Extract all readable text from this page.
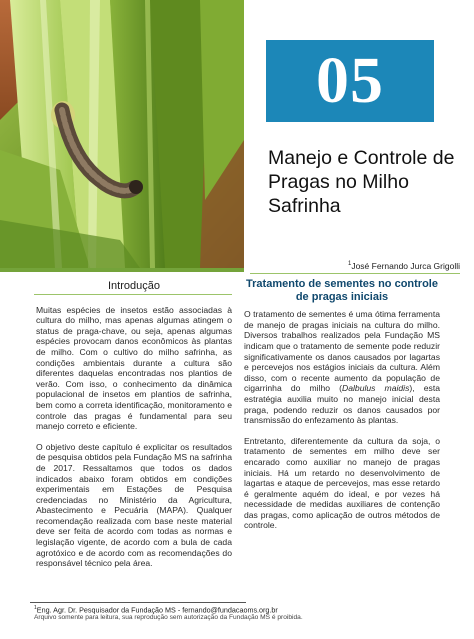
05
Manejo e Controle de Pragas no Milho Safrinha
$^1$José Fernando Jurca Grigolli
Introdução

Muitas espécies de insetos estão associadas à cultura do milho, mas apenas algumas atingem o status de praga-chave, ou seja, apenas algumas espécies provocam danos econômicos às plantas de milho. Com o cultivo do milho safrinha, as condições ambientais durante a cultura são diferentes daquelas encontradas nos plantios de verão. Com isso, o conhecimento da dinâmica populacional de insetos em plantios de safrinha, bem como a correta identificação, monitoramento e controle das pragas é fundamental para seu manejo correto e eficiente.

O objetivo deste capítulo é explicitar os resultados de pesquisa obtidos pela Fundação MS na safrinha de 2017. Ressaltamos que todos os dados indicados abaixo foram obtidos em condições experimentais em Estações de Pesquisa credenciadas no Ministério da Agricultura, Abastecimento e Pecuária (MAPA). Qualquer recomendação realizada com base neste material deve ser feita de acordo com todas as normas e legislação vigente, de acordo com a bula de cada agrotóxico e de acordo com as recomendações do responsável técnico pela área.

Tratamento de sementes no controle de pragas iniciais

O tratamento de sementes é uma ótima ferramenta de manejo de pragas iniciais na cultura do milho. Diversos trabalhos realizados pela Fundação MS indicam que o tratamento de semente pode reduzir significativamente os danos causados por lagartas e percevejos nos estágios iniciais da cultura. Além disso, com o recente aumento da população de cigarrinha do milho (Dalbulus maidis), esta estratégia auxilia muito no manejo inicial desta praga, podendo reduzir os danos causados por transmissão do enfezamento às plantas.

Entretanto, diferentemente da cultura da soja, o tratamento de sementes em milho deve ser encarado como auxiliar no manejo de pragas iniciais. Há um retardo no desenvolvimento de lagartas e ataque de percevejos, mas esse retardo é geralmente aquém do ideal, e por vezes há necessidade de medidas auxiliares de contenção das pragas, como aplicação de outros métodos de controle.

$^1$Eng. Agr. Dr. Pesquisador da Fundação MS - fernando@fundacaoms.org.br
Arquivo somente para leitura, sua reprodução sem autorização da Fundação MS é proibida.
